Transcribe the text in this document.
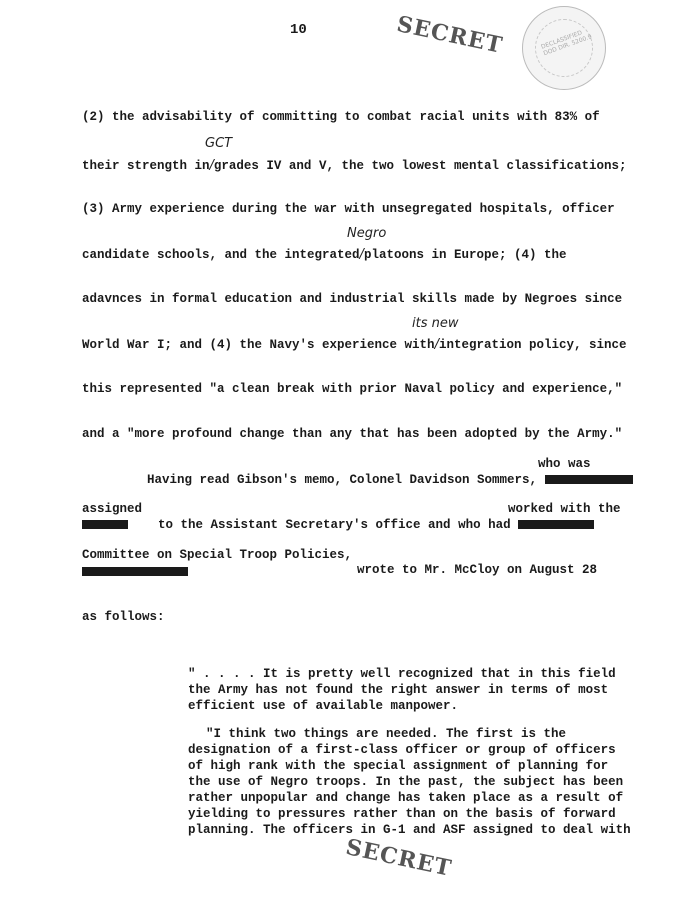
10	DECLASSIFIED
DOD DIR. 5200.9
SECRET
(2) the advisability of committing to combat racial units with 83% of
GCT
their strength in/grades IV and V, the two lowest mental classifications;
(3) Army experience during the war with unsegregated hospitals, officer
Negro
candidate schools, and the integrated/platoons in Europe; (4) the
adavnces in formal education and industrial skills made by Negroes since
its new
World War I; and (4) the Navy's experience with/integration policy, since
this represented "a clean break with prior Naval policy and experience,"
and a "more profound change than any that has been adopted by the Army."
who was
Having read Gibson's memo, Colonel Davidson Sommers,
assigned	worked with the
to the Assistant Secretary's office and who had
Committee on Special Troop Policies,
wrote to Mr. McCloy on August 28
as follows:
" . . . . It is pretty well recognized that in this field
the Army has not found the right answer in terms of most
efficient use of available manpower.
"I think two things are needed. The first is the
designation of a first-class officer or group of officers
of high rank with the special assignment of planning for
the use of Negro troops. In the past, the subject has been
rather unpopular and change has taken place as a result of
yielding to pressures rather than on the basis of forward
planning. The officers in G-1 and ASF assigned to deal with
SECRET
